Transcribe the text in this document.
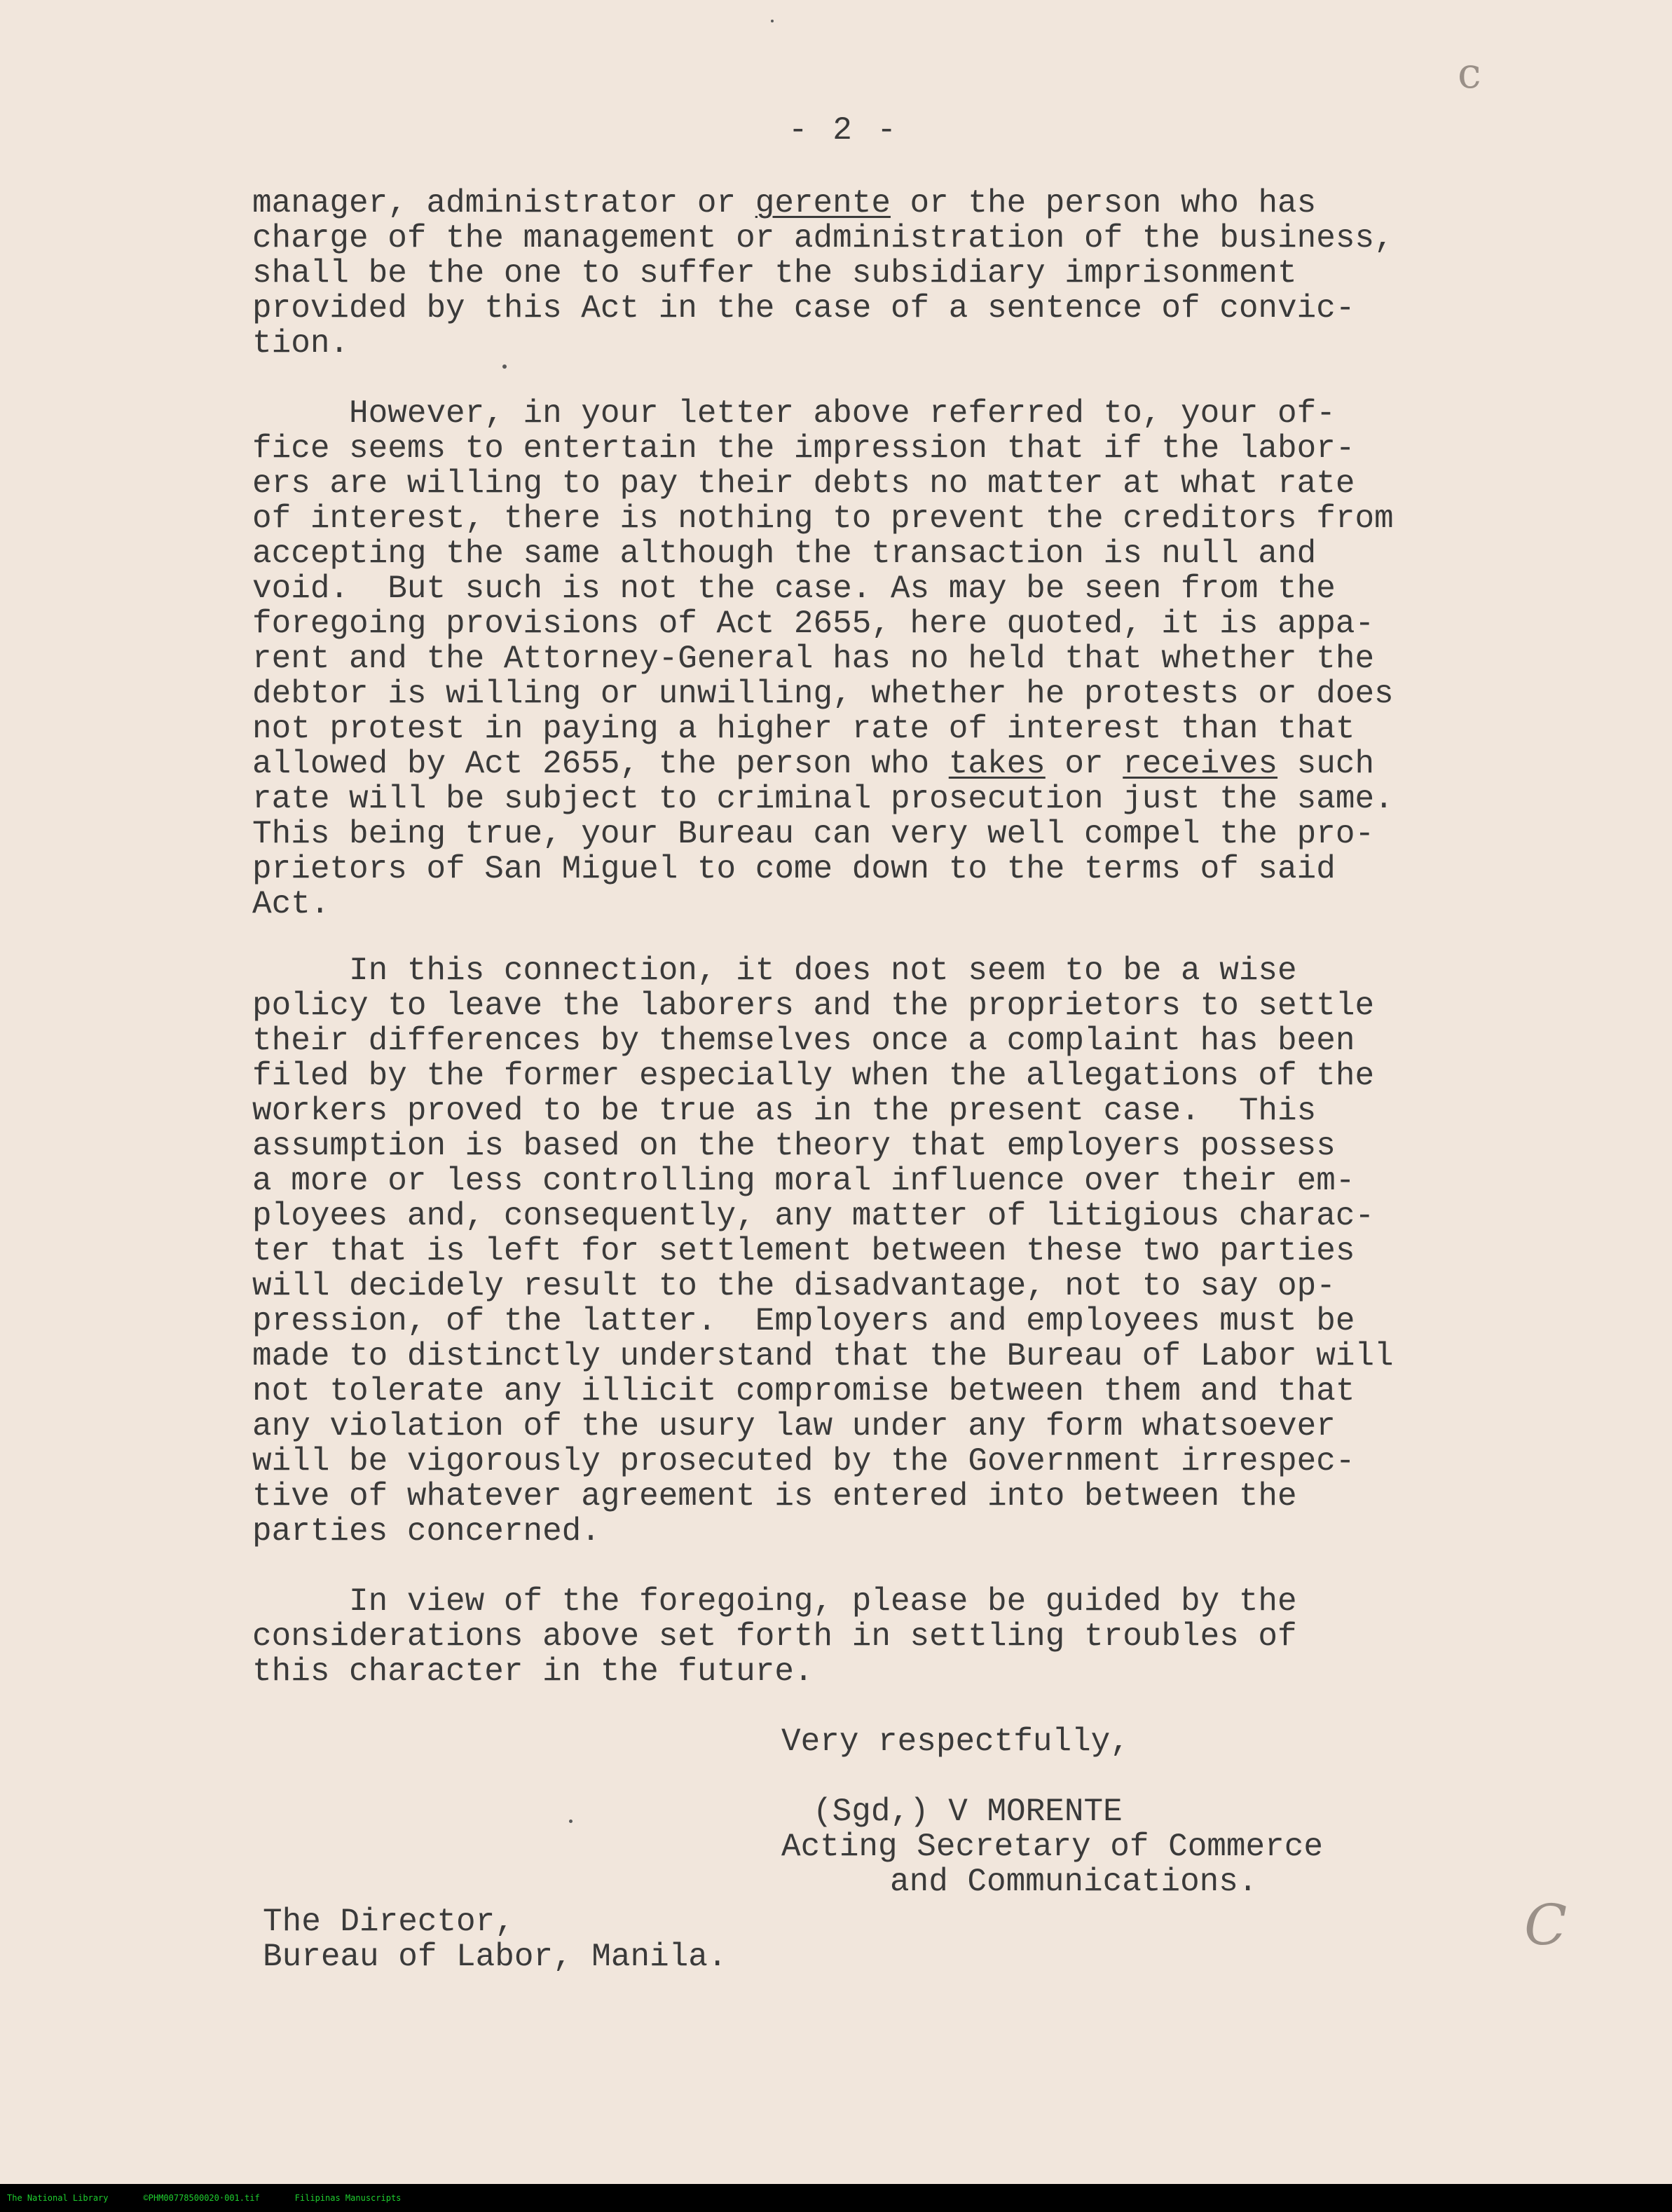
- 2 -
c
manager, administrator or gerente or the person who has
charge of the management or administration of the business,
shall be the one to suffer the subsidiary imprisonment
provided by this Act in the case of a sentence of convic-
tion.
However, in your letter above referred to, your of-
fice seems to entertain the impression that if the labor-
ers are willing to pay their debts no matter at what rate
of interest, there is nothing to prevent the creditors from
accepting the same although the transaction is null and
void.  But such is not the case. As may be seen from the
foregoing provisions of Act 2655, here quoted, it is appa-
rent and the Attorney-General has no held that whether the
debtor is willing or unwilling, whether he protests or does
not protest in paying a higher rate of interest than that
allowed by Act 2655, the person who takes or receives such
rate will be subject to criminal prosecution just the same.
This being true, your Bureau can very well compel the pro-
prietors of San Miguel to come down to the terms of said
Act.
In this connection, it does not seem to be a wise
policy to leave the laborers and the proprietors to settle
their differences by themselves once a complaint has been
filed by the former especially when the allegations of the
workers proved to be true as in the present case.  This
assumption is based on the theory that employers possess
a more or less controlling moral influence over their em-
ployees and, consequently, any matter of litigious charac-
ter that is left for settlement between these two parties
will decidely result to the disadvantage, not to say op-
pression, of the latter.  Employers and employees must be
made to distinctly understand that the Bureau of Labor will
not tolerate any illicit compromise between them and that
any violation of the usury law under any form whatsoever
will be vigorously prosecuted by the Government irrespec-
tive of whatever agreement is entered into between the
parties concerned.
In view of the foregoing, please be guided by the
considerations above set forth in settling troubles of
this character in the future.
Very respectfully,
(Sgd,) V MORENTE
Acting Secretary of Commerce
and Communications.
The Director,
Bureau of Labor, Manila.	C
The National Library	©PHM00778500020·001.tif	Filipinas Manuscripts
